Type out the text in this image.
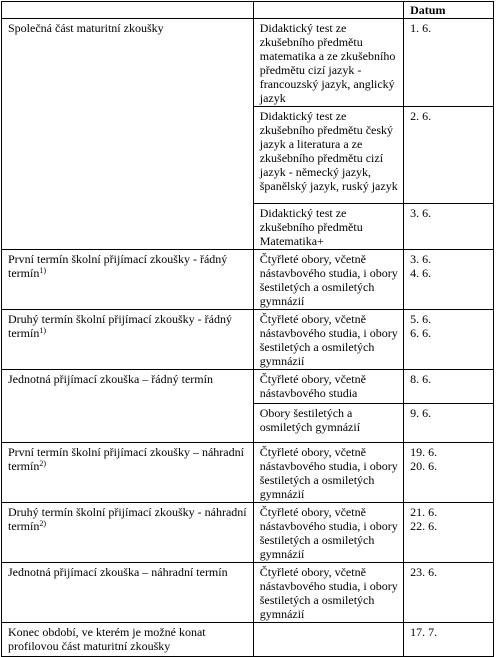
		Datum
Společná část maturitní zkoušky	Didaktický test ze zkušebního předmětu matematika a ze zkušebního předmětu cizí jazyk - francouzský jazyk, anglický jazyk	1. 6.

	Didaktický test ze zkušebního předmětu český jazyk a literatura a ze zkušebního předmětu cizí jazyk - německý jazyk, španělský jazyk, ruský jazyk	2. 6.

	Didaktický test ze zkušebního předmětu Matematika+	3. 6.

První termín školní přijímací zkoušky - řádný termín$^{1)}$	Čtyřleté obory, včetně nástavbového studia, i obory šestiletých a osmiletých gymnázií	3. 6.
4. 6.

Druhý termín školní přijímací zkoušky - řádný termín$^{1)}$	Čtyřleté obory, včetně nástavbového studia, i obory šestiletých a osmiletých gymnázií	5. 6.
6. 6.

Jednotná přijímací zkouška – řádný termín	Čtyřleté obory, včetně nástavbového studia	8. 6.

	Obory šestiletých a osmiletých gymnázií	9. 6.

První termín školní přijímací zkoušky – náhradní termín$^{2)}$	Čtyřleté obory, včetně nástavbového studia, i obory šestiletých a osmiletých gymnázií	19. 6.
20. 6.

Druhý termín školní přijímací zkoušky - náhradní termín$^{2)}$	Čtyřleté obory, včetně nástavbového studia, i obory šestiletých a osmiletých gymnázií	21. 6.
22. 6.

Jednotná přijímací zkouška – náhradní termín	Čtyřleté obory, včetně nástavbového studia, i obory šestiletých a osmiletých gymnázií	23. 6.

Konec období, ve kterém je možné konat profilovou část maturitní zkoušky		17. 7.
